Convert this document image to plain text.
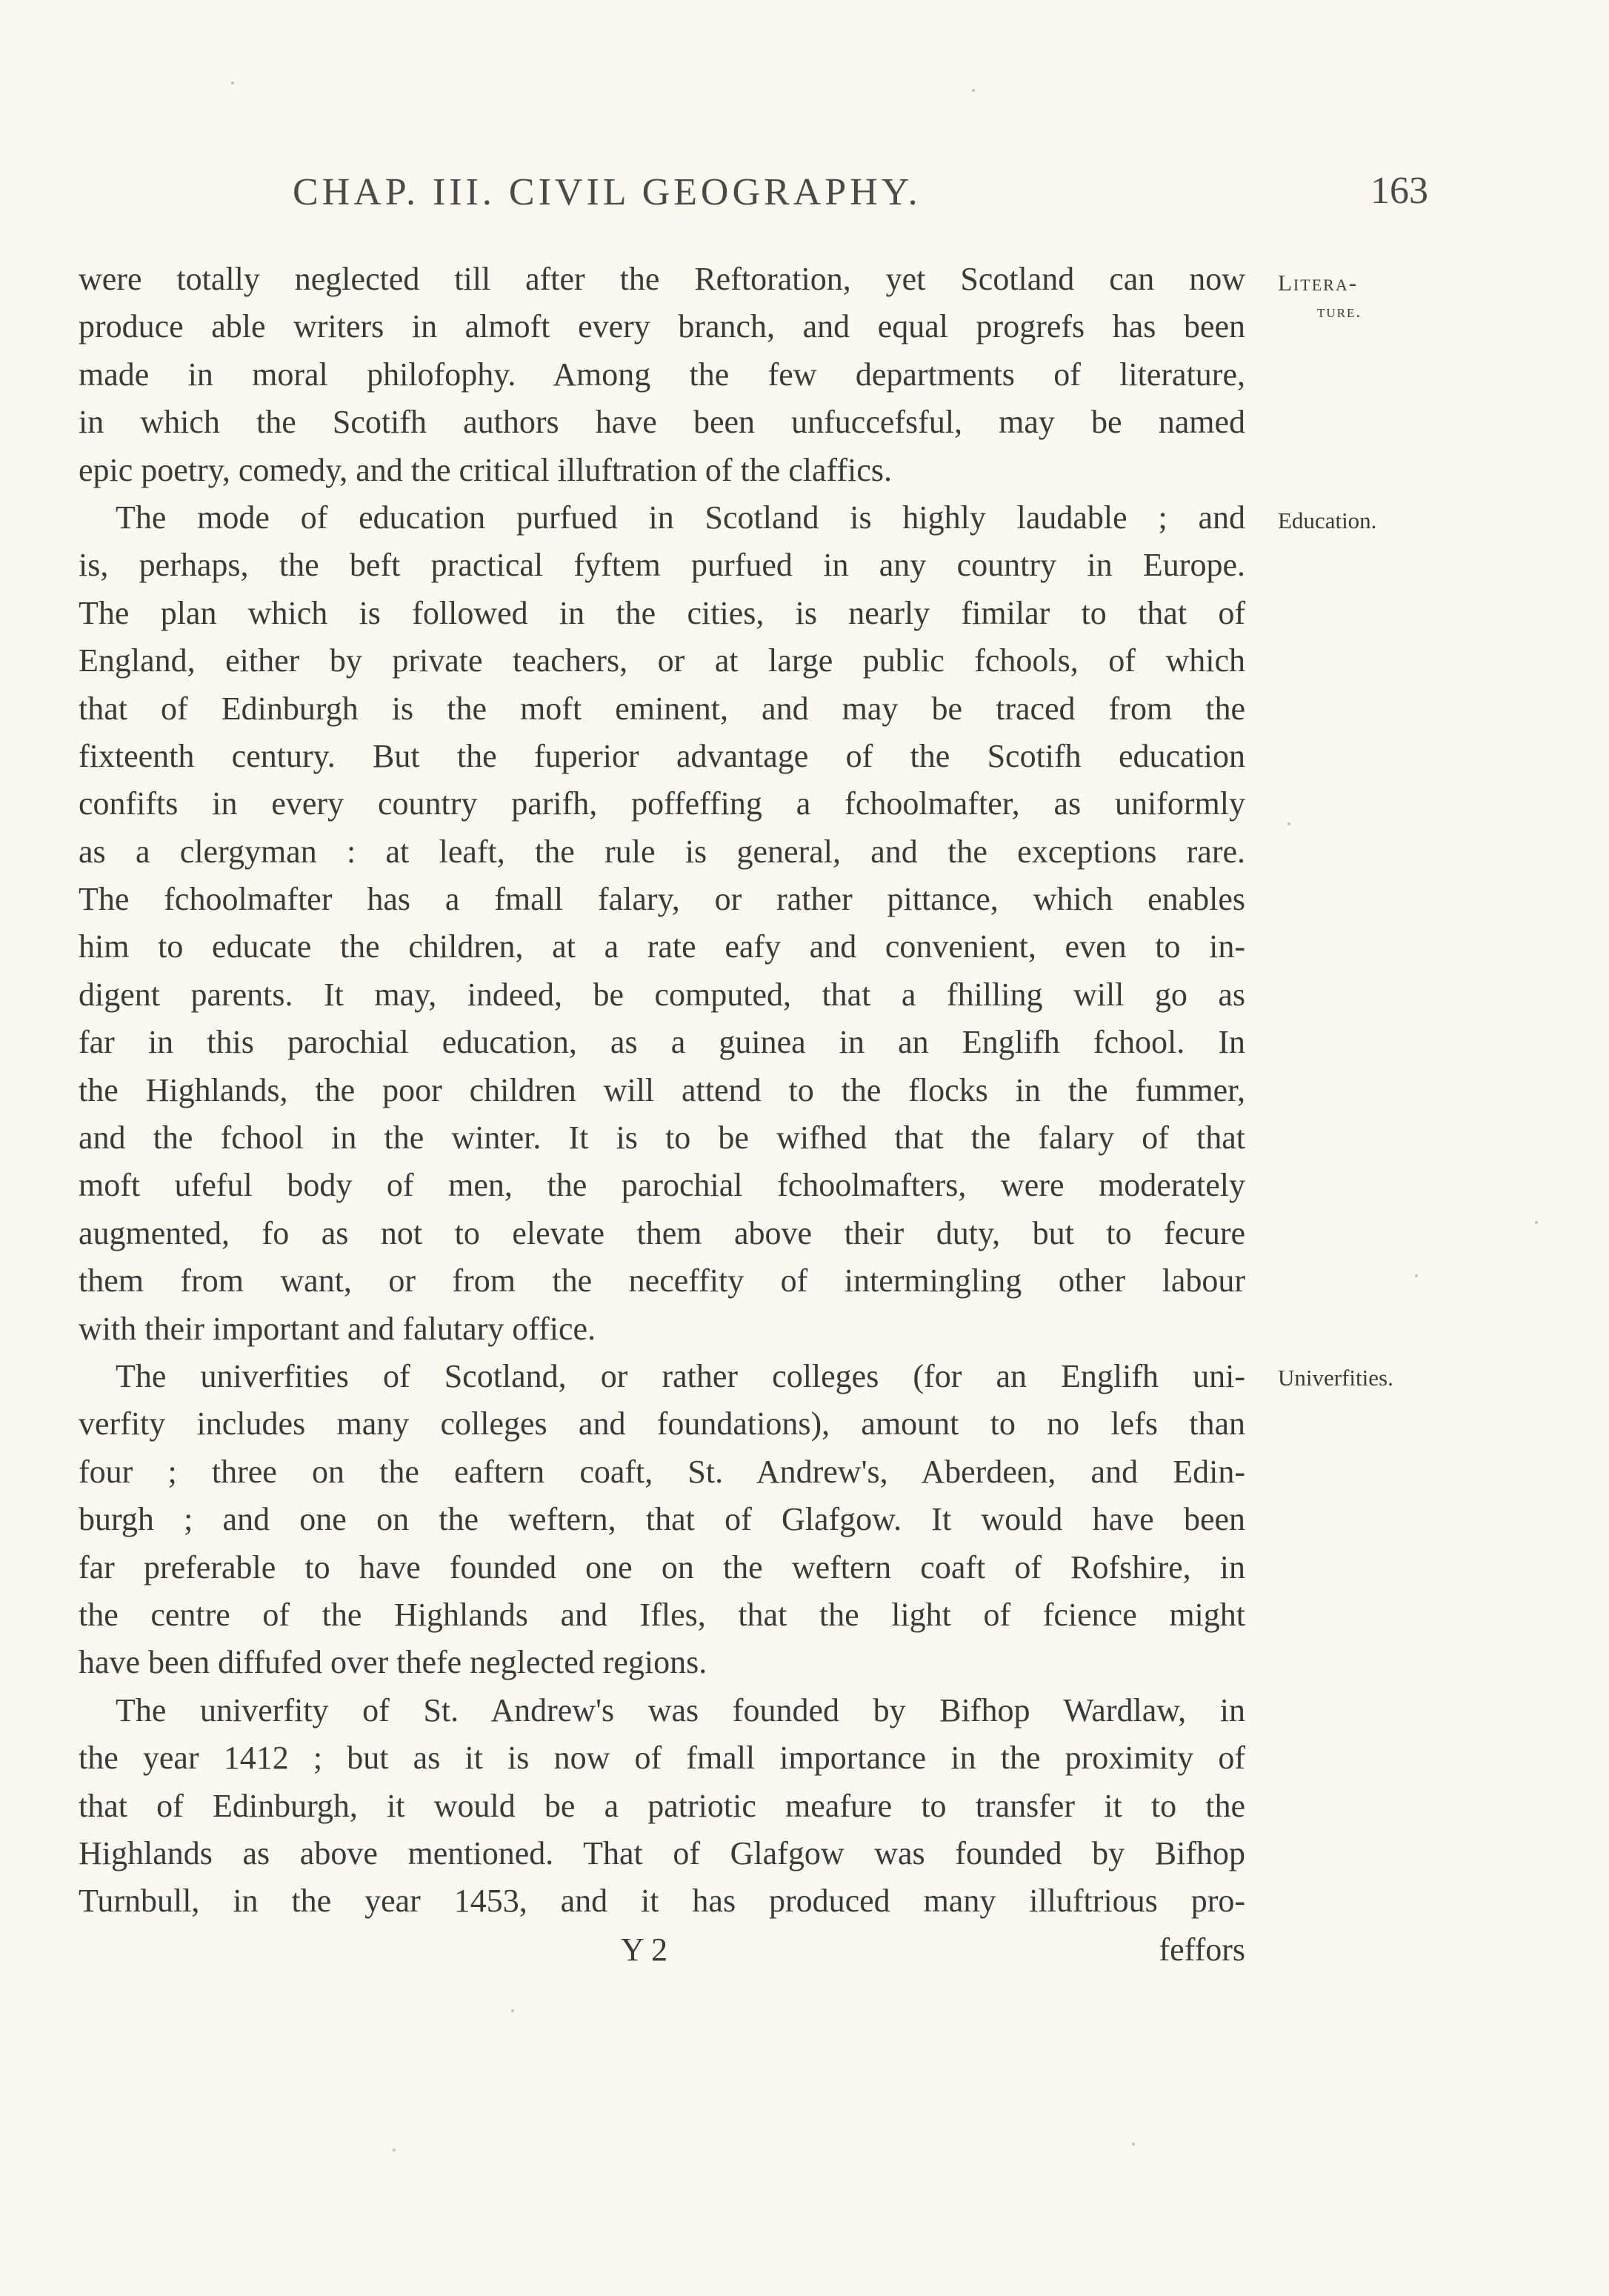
CHAP. III. CIVIL GEOGRAPHY.	163
Litera-
ture.
Education.
Univerfities.
were totally neglected till after the Reftoration, yet Scotland can now
produce able writers in almoft every branch, and equal progrefs has been
made in moral philofophy. Among the few departments of literature,
in which the Scotifh authors have been unfuccefsful, may be named
epic poetry, comedy, and the critical illuftration of the claffics.
The mode of education purfued in Scotland is highly laudable ; and
is, perhaps, the beft practical fyftem purfued in any country in Europe.
The plan which is followed in the cities, is nearly fimilar to that of
England, either by private teachers, or at large public fchools, of which
that of Edinburgh is the moft eminent, and may be traced from the
fixteenth century. But the fuperior advantage of the Scotifh education
confifts in every country parifh, poffeffing a fchoolmafter, as uniformly
as a clergyman : at leaft, the rule is general, and the exceptions rare.
The fchoolmafter has a fmall falary, or rather pittance, which enables
him to educate the children, at a rate eafy and convenient, even to in-
digent parents. It may, indeed, be computed, that a fhilling will go as
far in this parochial education, as a guinea in an Englifh fchool. In
the Highlands, the poor children will attend to the flocks in the fummer,
and the fchool in the winter. It is to be wifhed that the falary of that
moft ufeful body of men, the parochial fchoolmafters, were moderately
augmented, fo as not to elevate them above their duty, but to fecure
them from want, or from the neceffity of intermingling other labour
with their important and falutary office.
The univerfities of Scotland, or rather colleges (for an Englifh uni-
verfity includes many colleges and foundations), amount to no lefs than
four ; three on the eaftern coaft, St. Andrew's, Aberdeen, and Edin-
burgh ; and one on the weftern, that of Glafgow. It would have been
far preferable to have founded one on the weftern coaft of Rofshire, in
the centre of the Highlands and Ifles, that the light of fcience might
have been diffufed over thefe neglected regions.
The univerfity of St. Andrew's was founded by Bifhop Wardlaw, in
the year 1412 ; but as it is now of fmall importance in the proximity of
that of Edinburgh, it would be a patriotic meafure to transfer it to the
Highlands as above mentioned. That of Glafgow was founded by Bifhop
Turnbull, in the year 1453, and it has produced many illuftrious pro-
Y 2	feffors
